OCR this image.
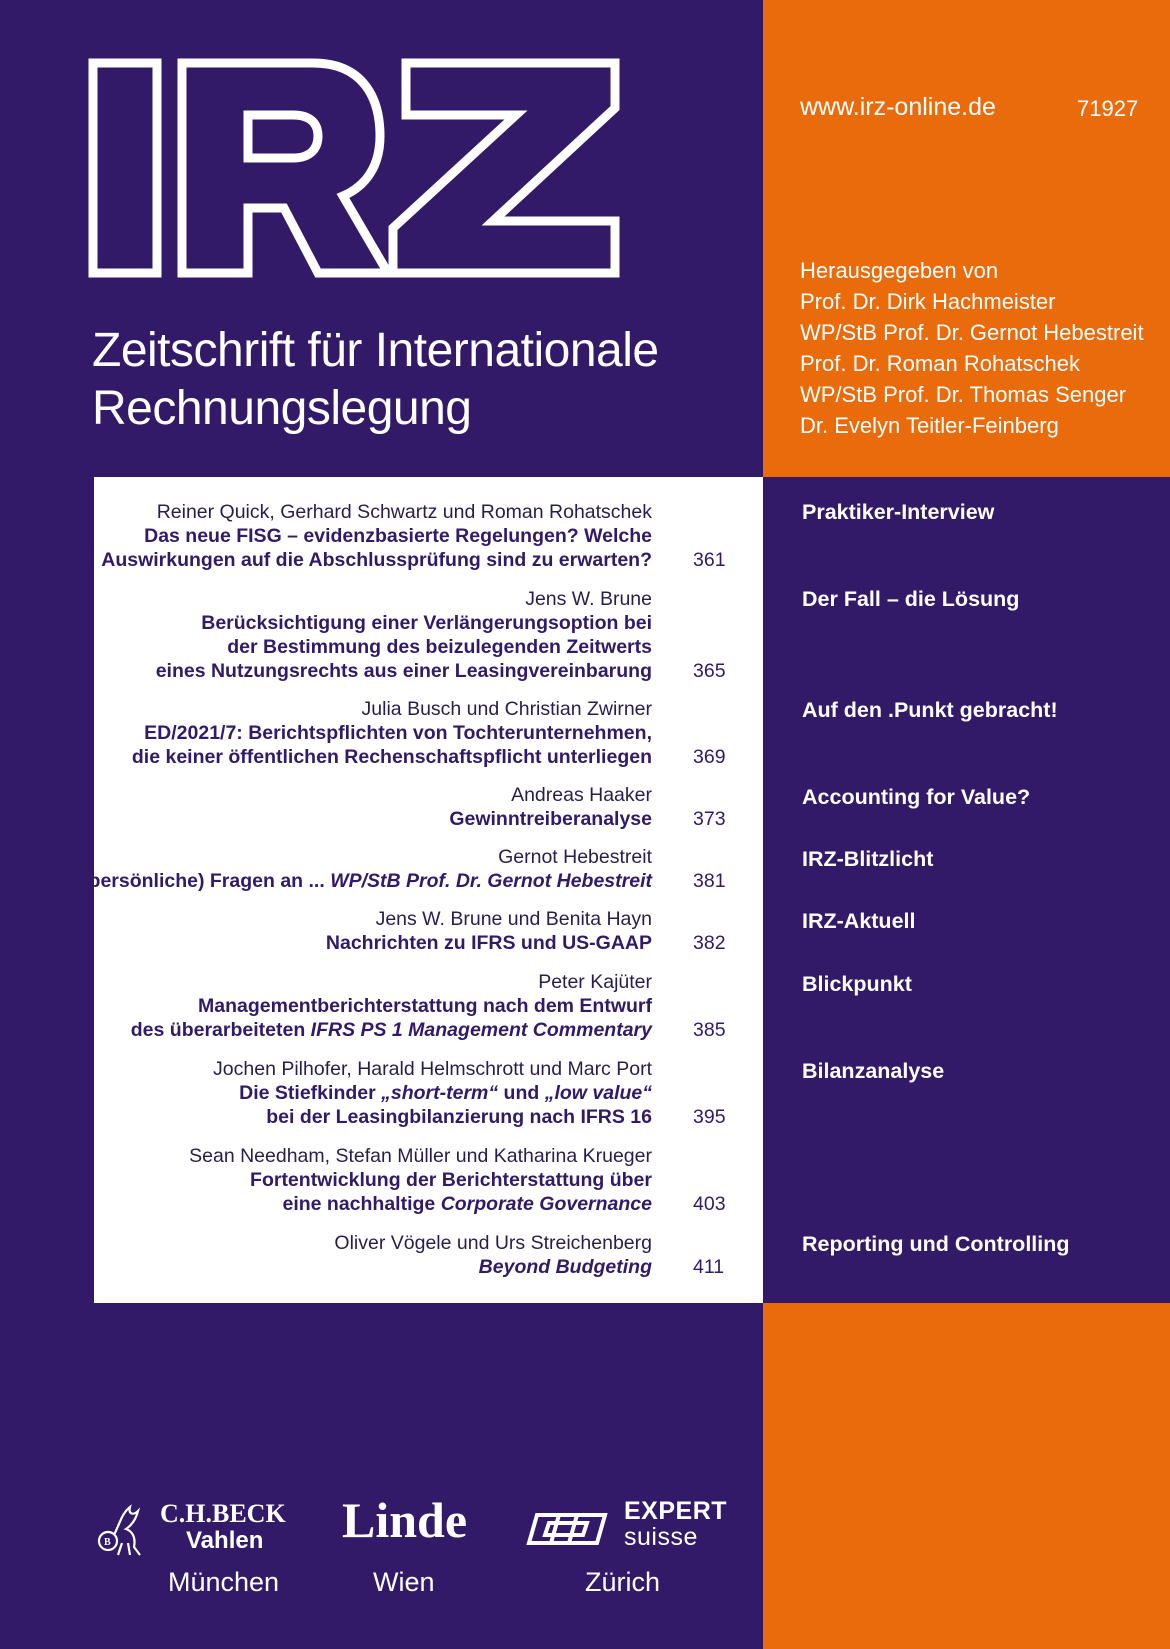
Zeitschrift für Internationale
Rechnungslegung
www.irz-online.de	71927
Herausgegeben von
Prof. Dr. Dirk Hachmeister
WP/StB Prof. Dr. Gernot Hebestreit
Prof. Dr. Roman Rohatschek
WP/StB Prof. Dr. Thomas Senger
Dr. Evelyn Teitler-Feinberg
Reiner Quick, Gerhard Schwartz und Roman Rohatschek
Das neue FISG – evidenzbasierte Regelungen? Welche
Auswirkungen auf die Abschlussprüfung sind zu erwarten? 361
Jens W. Brune
Berücksichtigung einer Verlängerungsoption bei
der Bestimmung des beizulegenden Zeitwerts
eines Nutzungsrechts aus einer Leasingvereinbarung 365
Julia Busch und Christian Zwirner
ED/2021/7: Berichtspflichten von Tochterunternehmen,
die keiner öffentlichen Rechenschaftspflicht unterliegen 369
Andreas Haaker
Gewinntreiberanalyse 373
Gernot Hebestreit
10 (persönliche) Fragen an ... WP/StB Prof. Dr. Gernot Hebestreit 381
Jens W. Brune und Benita Hayn
Nachrichten zu IFRS und US-GAAP 382
Peter Kajüter
Managementberichterstattung nach dem Entwurf
des überarbeiteten IFRS PS 1 Management Commentary 385
Jochen Pilhofer, Harald Helmschrott und Marc Port
Die Stiefkinder „short-term“ und „low value“
bei der Leasingbilanzierung nach IFRS 16 395
Sean Needham, Stefan Müller und Katharina Krueger
Fortentwicklung der Berichterstattung über
eine nachhaltige Corporate Governance 403
Oliver Vögele und Urs Streichenberg
Beyond Budgeting 411
Praktiker-Interview
Der Fall – die Lösung
Auf den .Punkt gebracht!
Accounting for Value?
IRZ-Blitzlicht
IRZ-Aktuell
Blickpunkt
Bilanzanalyse
Reporting und Controlling
B
C.H.BECK
Vahlen
München
Linde
Wien
EXPERT
suisse
Zürich
